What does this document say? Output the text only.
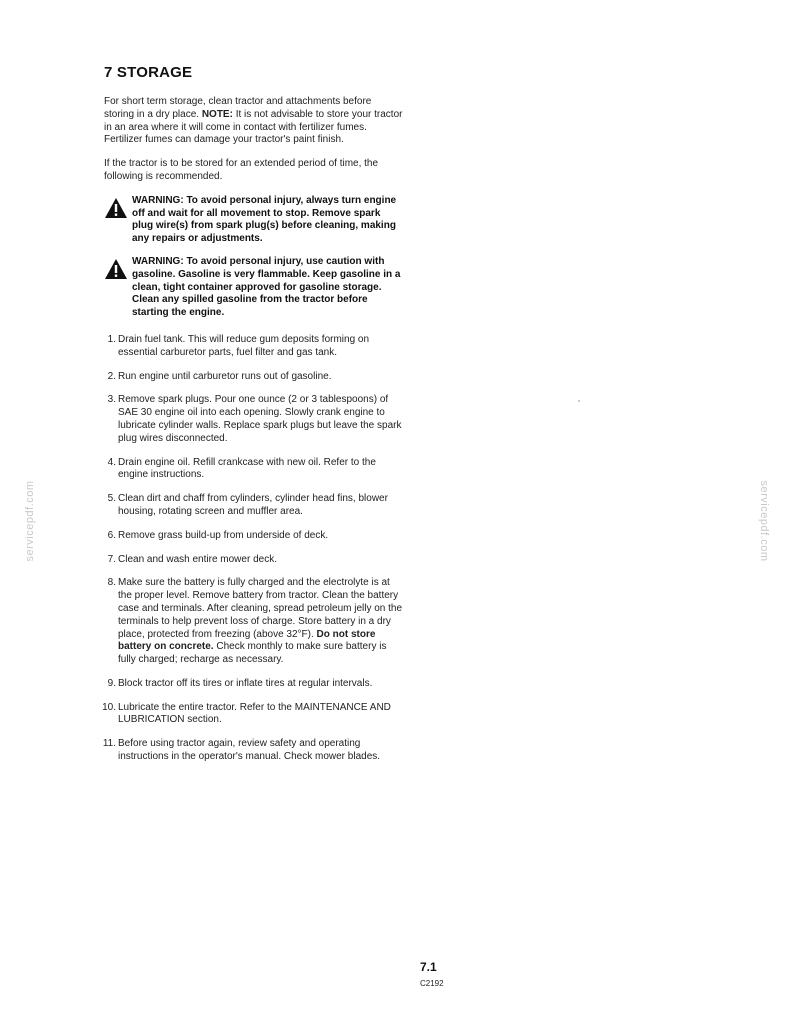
servicepdf.com	servicepdf.com
7 STORAGE

For short term storage, clean tractor and attachments before storing in a dry place. NOTE: It is not advisable to store your tractor in an area where it will come in contact with fertilizer fumes. Fertilizer fumes can damage your tractor's paint finish.

If the tractor is to be stored for an extended period of time, the following is recommended.

WARNING: To avoid personal injury, always turn engine off and wait for all movement to stop. Remove spark plug wire(s) from spark plug(s) before cleaning, making any repairs or adjustments.
WARNING: To avoid personal injury, use caution with gasoline. Gasoline is very flammable. Keep gasoline in a clean, tight container approved for gasoline storage. Clean any spilled gasoline from the tractor before starting the engine.
1. Drain fuel tank. This will reduce gum deposits forming on essential carburetor parts, fuel filter and gas tank.
2. Run engine until carburetor runs out of gasoline.
3. Remove spark plugs. Pour one ounce (2 or 3 tablespoons) of SAE 30 engine oil into each opening. Slowly crank engine to lubricate cylinder walls. Replace spark plugs but leave the spark plug wires disconnected.
4. Drain engine oil. Refill crankcase with new oil. Refer to the engine instructions.
5. Clean dirt and chaff from cylinders, cylinder head fins, blower housing, rotating screen and muffler area.
6. Remove grass build-up from underside of deck.
7. Clean and wash entire mower deck.
8. Make sure the battery is fully charged and the electrolyte is at the proper level. Remove battery from tractor. Clean the battery case and terminals. After cleaning, spread petroleum jelly on the terminals to help prevent loss of charge. Store battery in a dry place, protected from freezing (above 32°F). Do not store battery on concrete. Check monthly to make sure battery is fully charged; recharge as necessary.
9. Block tractor off its tires or inflate tires at regular intervals.
10. Lubricate the entire tractor. Refer to the MAINTENANCE AND LUBRICATION section.
11. Before using tractor again, review safety and operating instructions in the operator's manual. Check mower blades.
7.1
C2192
